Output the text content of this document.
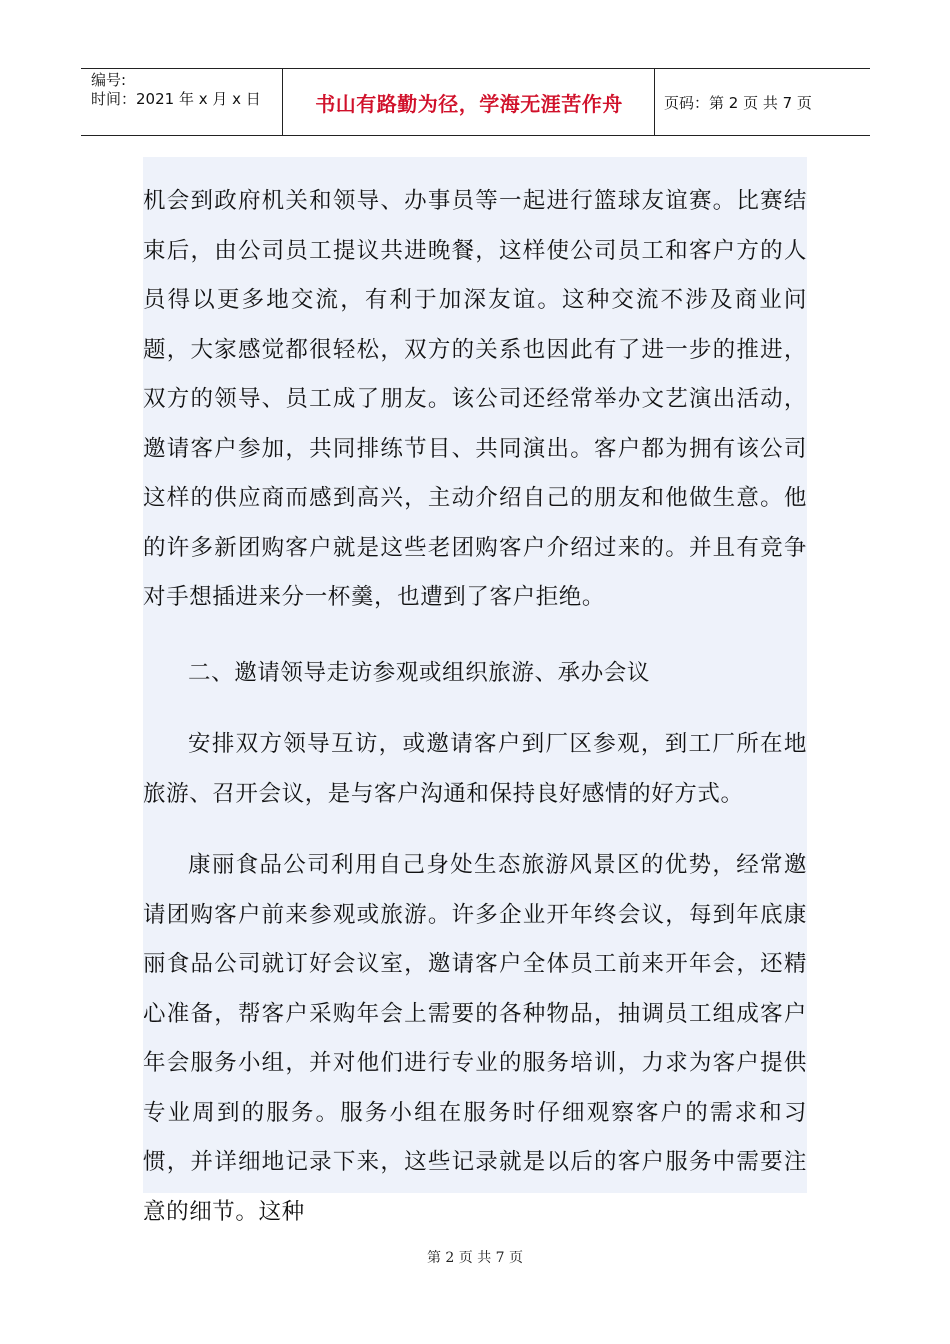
编号:
时间：2021 年 x 月 x 日	书山有路勤为径，学海无涯苦作舟	页码：第 2 页 共 7 页
机会到政府机关和领导、办事员等一起进行篮球友谊赛。比赛结束后，由公司员工提议共进晚餐，这样使公司员工和客户方的人员得以更多地交流，有利于加深友谊。这种交流不涉及商业问题，大家感觉都很轻松，双方的关系也因此有了进一步的推进，双方的领导、员工成了朋友。该公司还经常举办文艺演出活动，邀请客户参加，共同排练节目、共同演出。客户都为拥有该公司这样的供应商而感到高兴，主动介绍自己的朋友和他做生意。他的许多新团购客户就是这些老团购客户介绍过来的。并且有竞争对手想插进来分一杯羹，也遭到了客户拒绝。
二、邀请领导走访参观或组织旅游、承办会议
安排双方领导互访，或邀请客户到厂区参观，到工厂所在地旅游、召开会议，是与客户沟通和保持良好感情的好方式。
康丽食品公司利用自己身处生态旅游风景区的优势，经常邀请团购客户前来参观或旅游。许多企业开年终会议，每到年底康丽食品公司就订好会议室，邀请客户全体员工前来开年会，还精心准备，帮客户采购年会上需要的各种物品，抽调员工组成客户年会服务小组，并对他们进行专业的服务培训，力求为客户提供专业周到的服务。服务小组在服务时仔细观察客户的需求和习惯，并详细地记录下来，这些记录就是以后的客户服务中需要注意的细节。这种
第 2 页 共 7 页
